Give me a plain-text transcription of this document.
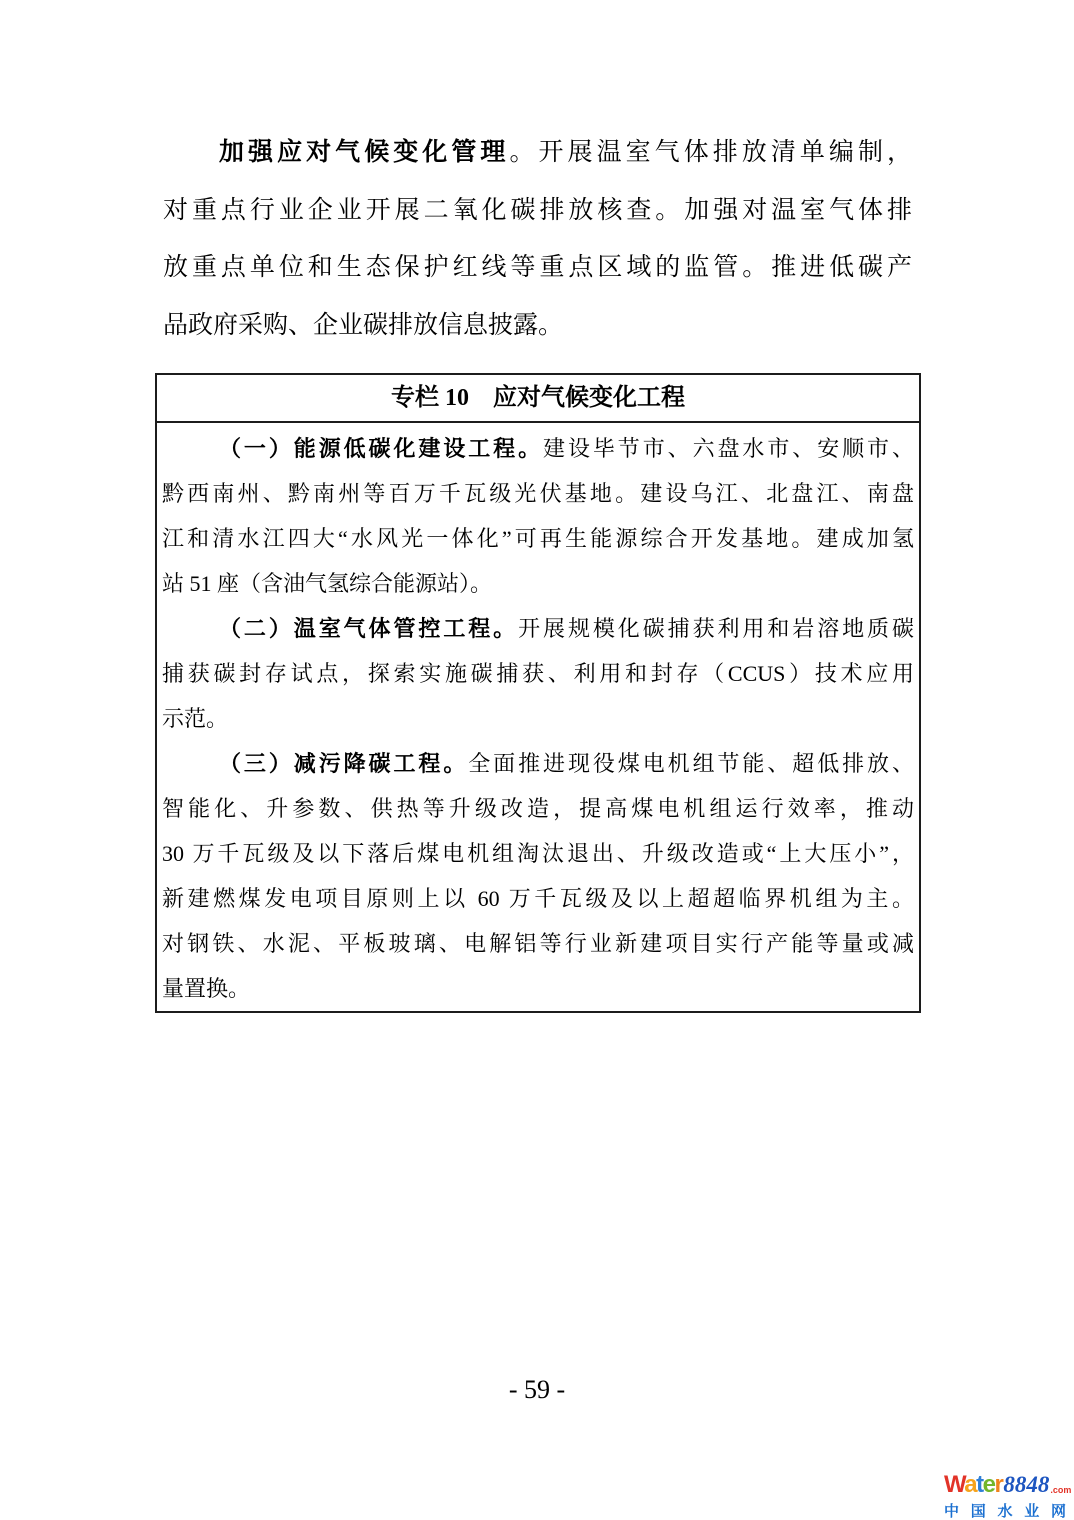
加强应对气候变化管理。开展温室气体排放清单编制，
对重点行业企业开展二氧化碳排放核查。加强对温室气体排
放重点单位和生态保护红线等重点区域的监管。推进低碳产
品政府采购、企业碳排放信息披露。
专栏 10　应对气候变化工程
（一）能源低碳化建设工程。建设毕节市、六盘水市、安顺市、
黔西南州、黔南州等百万千瓦级光伏基地。建设乌江、北盘江、南盘
江和清水江四大“水风光一体化”可再生能源综合开发基地。建成加氢
站 51 座（含油气氢综合能源站）。
（二）温室气体管控工程。开展规模化碳捕获利用和岩溶地质碳
捕获碳封存试点，探索实施碳捕获、利用和封存（CCUS）技术应用
示范。
（三）减污降碳工程。全面推进现役煤电机组节能、超低排放、
智能化、升参数、供热等升级改造，提高煤电机组运行效率，推动
30 万千瓦级及以下落后煤电机组淘汰退出、升级改造或“上大压小”，
新建燃煤发电项目原则上以 60 万千瓦级及以上超超临界机组为主。
对钢铁、水泥、平板玻璃、电解铝等行业新建项目实行产能等量或减
量置换。
- 59 -
Water 8848 .com
中 国 水 业 网
